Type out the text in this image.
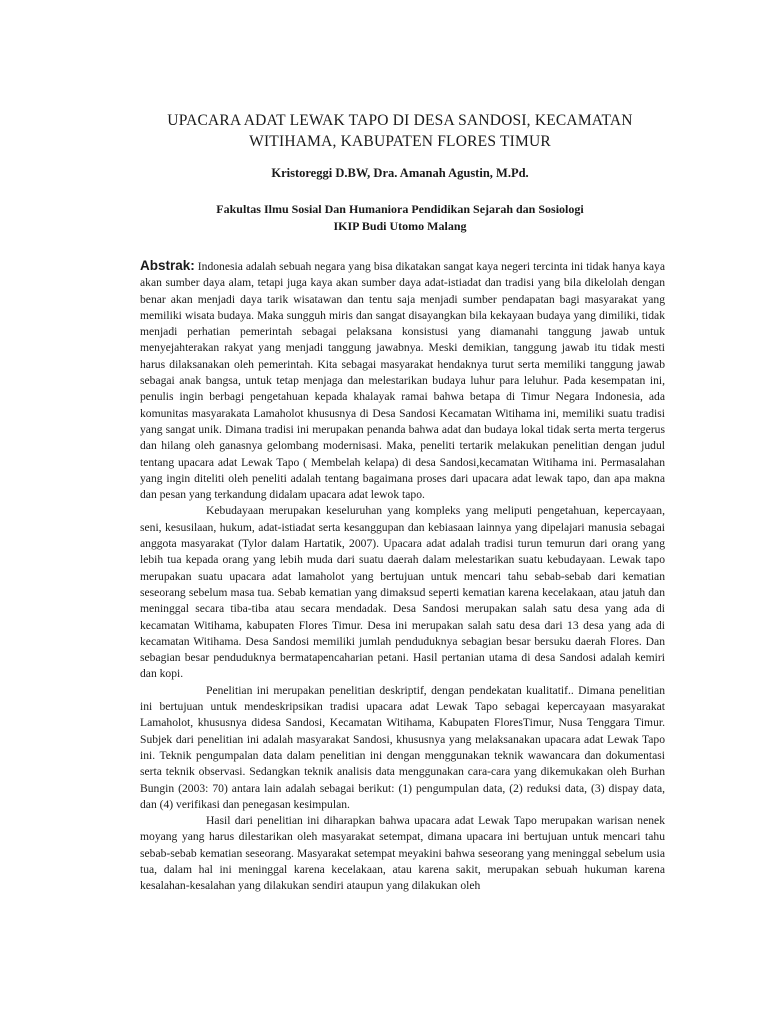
UPACARA ADAT LEWAK TAPO DI DESA SANDOSI, KECAMATAN
WITIHAMA, KABUPATEN FLORES TIMUR
Kristoreggi D.BW, Dra. Amanah Agustin, M.Pd.
Fakultas Ilmu Sosial Dan Humaniora Pendidikan Sejarah dan Sosiologi
IKIP Budi Utomo Malang

Abstrak: Indonesia adalah sebuah negara yang bisa dikatakan sangat kaya negeri tercinta ini tidak hanya kaya akan sumber daya alam, tetapi juga kaya akan sumber daya adat-istiadat dan tradisi yang bila dikelolah dengan benar akan menjadi daya tarik wisatawan dan tentu saja menjadi sumber pendapatan bagi masyarakat yang memiliki wisata budaya. Maka sungguh miris dan sangat disayangkan bila kekayaan budaya yang dimiliki, tidak menjadi perhatian pemerintah sebagai pelaksana konsistusi yang diamanahi tanggung jawab untuk menyejahterakan rakyat yang menjadi tanggung jawabnya. Meski demikian, tanggung jawab itu tidak mesti harus dilaksanakan oleh pemerintah. Kita sebagai masyarakat hendaknya turut serta memiliki tanggung jawab sebagai anak bangsa, untuk tetap menjaga dan melestarikan budaya luhur para leluhur. Pada kesempatan ini, penulis ingin berbagi pengetahuan kepada khalayak ramai bahwa betapa di Timur Negara Indonesia, ada komunitas masyarakata Lamaholot khususnya di Desa Sandosi Kecamatan Witihama ini, memiliki suatu tradisi yang sangat unik. Dimana tradisi ini merupakan penanda bahwa adat dan budaya lokal tidak serta merta tergerus dan hilang oleh ganasnya gelombang modernisasi. Maka, peneliti tertarik melakukan penelitian dengan judul tentang upacara adat Lewak Tapo ( Membelah kelapa) di desa Sandosi,kecamatan Witihama ini. Permasalahan yang ingin diteliti oleh peneliti adalah tentang bagaimana proses dari upacara adat lewak tapo, dan apa makna dan pesan yang terkandung didalam upacara adat lewok tapo.

Kebudayaan merupakan keseluruhan yang kompleks yang meliputi pengetahuan, kepercayaan, seni, kesusilaan, hukum, adat-istiadat serta kesanggupan dan kebiasaan lainnya yang dipelajari manusia sebagai anggota masyarakat (Tylor dalam Hartatik, 2007). Upacara adat adalah tradisi turun temurun dari orang yang lebih tua kepada orang yang lebih muda dari suatu daerah dalam melestarikan suatu kebudayaan. Lewak tapo merupakan suatu upacara adat lamaholot yang bertujuan untuk mencari tahu sebab-sebab dari kematian seseorang sebelum masa tua. Sebab kematian yang dimaksud seperti kematian karena kecelakaan, atau jatuh dan meninggal secara tiba-tiba atau secara mendadak. Desa Sandosi merupakan salah satu desa yang ada di kecamatan Witihama, kabupaten Flores Timur. Desa ini merupakan salah satu desa dari 13 desa yang ada di kecamatan Witihama. Desa Sandosi memiliki jumlah penduduknya sebagian besar bersuku daerah Flores. Dan sebagian besar penduduknya bermatapencaharian petani. Hasil pertanian utama di desa Sandosi adalah kemiri dan kopi.

Penelitian ini merupakan penelitian deskriptif, dengan pendekatan kualitatif.. Dimana penelitian ini bertujuan untuk mendeskripsikan tradisi upacara adat Lewak Tapo sebagai kepercayaan masyarakat Lamaholot, khususnya didesa Sandosi, Kecamatan Witihama, Kabupaten FloresTimur, Nusa Tenggara Timur. Subjek dari penelitian ini adalah masyarakat Sandosi, khususnya yang melaksanakan upacara adat Lewak Tapo ini. Teknik pengumpalan data dalam penelitian ini dengan menggunakan teknik wawancara dan dokumentasi serta teknik observasi. Sedangkan teknik analisis data menggunakan cara-cara yang dikemukakan oleh Burhan Bungin (2003: 70) antara lain adalah sebagai berikut: (1) pengumpulan data, (2) reduksi data, (3) dispay data, dan (4) verifikasi dan penegasan kesimpulan.

Hasil dari penelitian ini diharapkan bahwa upacara adat Lewak Tapo merupakan warisan nenek moyang yang harus dilestarikan oleh masyarakat setempat, dimana upacara ini bertujuan untuk mencari tahu sebab-sebab kematian seseorang. Masyarakat setempat meyakini bahwa seseorang yang meninggal sebelum usia tua, dalam hal ini meninggal karena kecelakaan, atau karena sakit, merupakan sebuah hukuman karena kesalahan-kesalahan yang dilakukan sendiri ataupun yang dilakukan oleh
